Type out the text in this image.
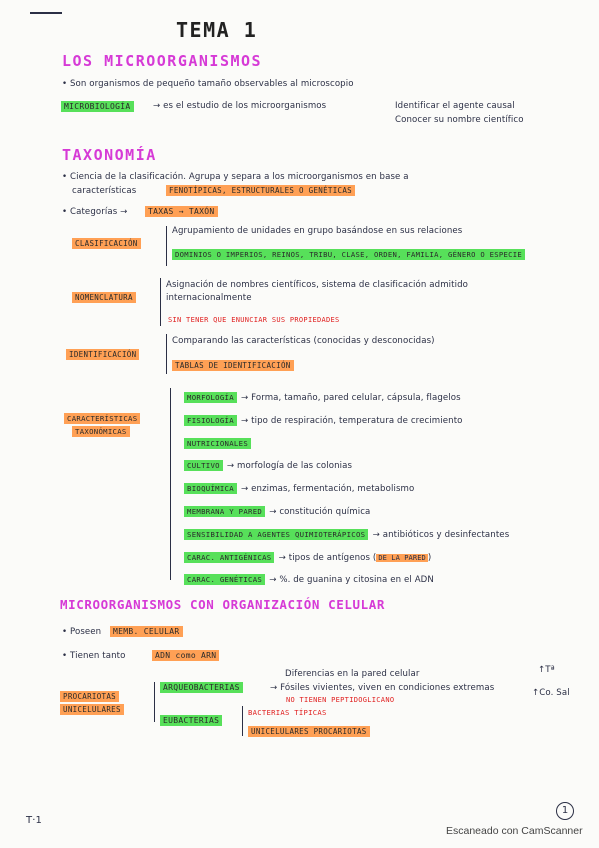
TEMA 1
LOS MICROORGANISMOS
• Son organismos de pequeño tamaño observables al microscopio
MICROBIOLOGÍA	→ es el estudio de los microorganismos	Identificar el agente causal
Conocer su nombre científico
TAXONOMÍA
• Ciencia de la clasificación. Agrupa y separa a los microorganismos en base a
características	FENOTÍPICAS, ESTRUCTURALES O GENÉTICAS
• Categorías →	TAXAS → TAXÓN
CLASIFICACIÓN
Agrupamiento de unidades en grupo basándose en sus relaciones
DOMINIOS O IMPERIOS, REINOS, TRIBU, CLASE, ORDEN, FAMILIA, GÉNERO O ESPECIE
NOMENCLATURA
Asignación de nombres científicos, sistema de clasificación admitido
internacionalmente
SIN TENER QUE ENUNCIAR SUS PROPIEDADES
IDENTIFICACIÓN
Comparando las características (conocidas y desconocidas)
TABLAS DE IDENTIFICACIÓN
CARACTERÍSTICAS
TAXONÓMICAS
MORFOLOGÍA → Forma, tamaño, pared celular, cápsula, flagelos
FISIOLOGÍA → tipo de respiración, temperatura de crecimiento
NUTRICIONALES
CULTIVO → morfología de las colonias
BIOQUÍMICA → enzimas, fermentación, metabolismo
MEMBRANA Y PARED → constitución química
SENSIBILIDAD A AGENTES QUIMIOTERÁPICOS → antibióticos y desinfectantes
CARAC. ANTIGÉNICAS → tipos de antígenos ( DE LA PARED )
CARAC. GENÉTICAS → %. de guanina y citosina en el ADN
MICROORGANISMOS CON ORGANIZACIÓN CELULAR
• Poseen	MEMB. CELULAR
• Tienen tanto	ADN como ARN
PROCARIOTAS
UNICELULARES
ARQUEOBACTERIAS
Diferencias en la pared celular
→ Fósiles vivientes, viven en condiciones extremas
NO TIENEN PEPTIDOGLICANO
↑Tª
↑Co. Sal
EUBACTERIAS
BACTERIAS TÍPICAS
UNICELULARES PROCARIOTAS
T·1
1
Escaneado con CamScanner
